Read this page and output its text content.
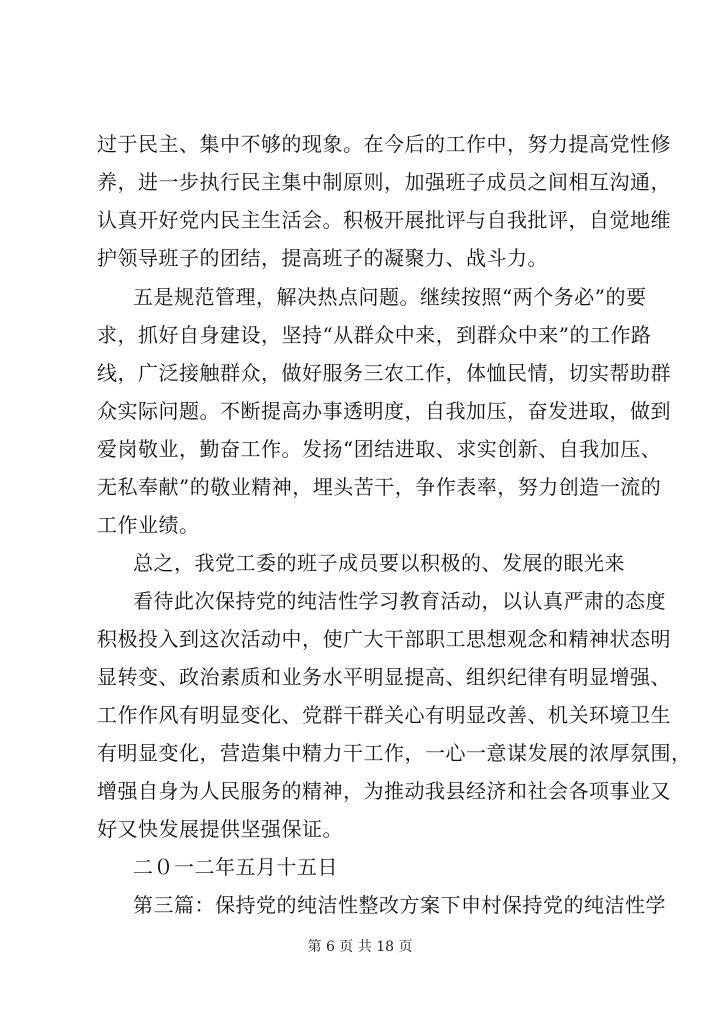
过于民主、集中不够的现象。在今后的工作中，努力提高党性修
养，进一步执行民主集中制原则，加强班子成员之间相互沟通，
认真开好党内民主生活会。积极开展批评与自我批评，自觉地维
护领导班子的团结，提高班子的凝聚力、战斗力。
五是规范管理，解决热点问题。继续按照“两个务必”的要
求，抓好自身建设，坚持“从群众中来，到群众中来”的工作路
线，广泛接触群众，做好服务三农工作，体恤民情，切实帮助群
众实际问题。不断提高办事透明度，自我加压，奋发进取，做到
爱岗敬业，勤奋工作。发扬“团结进取、求实创新、自我加压、
无私奉献”的敬业精神，埋头苦干，争作表率，努力创造一流的
工作业绩。
总之，我党工委的班子成员要以积极的、发展的眼光来
看待此次保持党的纯洁性学习教育活动，以认真严肃的态度
积极投入到这次活动中，使广大干部职工思想观念和精神状态明
显转变、政治素质和业务水平明显提高、组织纪律有明显增强、
工作作风有明显变化、党群干群关心有明显改善、机关环境卫生
有明显变化，营造集中精力干工作，一心一意谋发展的浓厚氛围，
增强自身为人民服务的精神，为推动我县经济和社会各项事业又
好又快发展提供坚强保证。
二０一二年五月十五日
第三篇：保持党的纯洁性整改方案下申村保持党的纯洁性学
第 6 页 共 18 页
